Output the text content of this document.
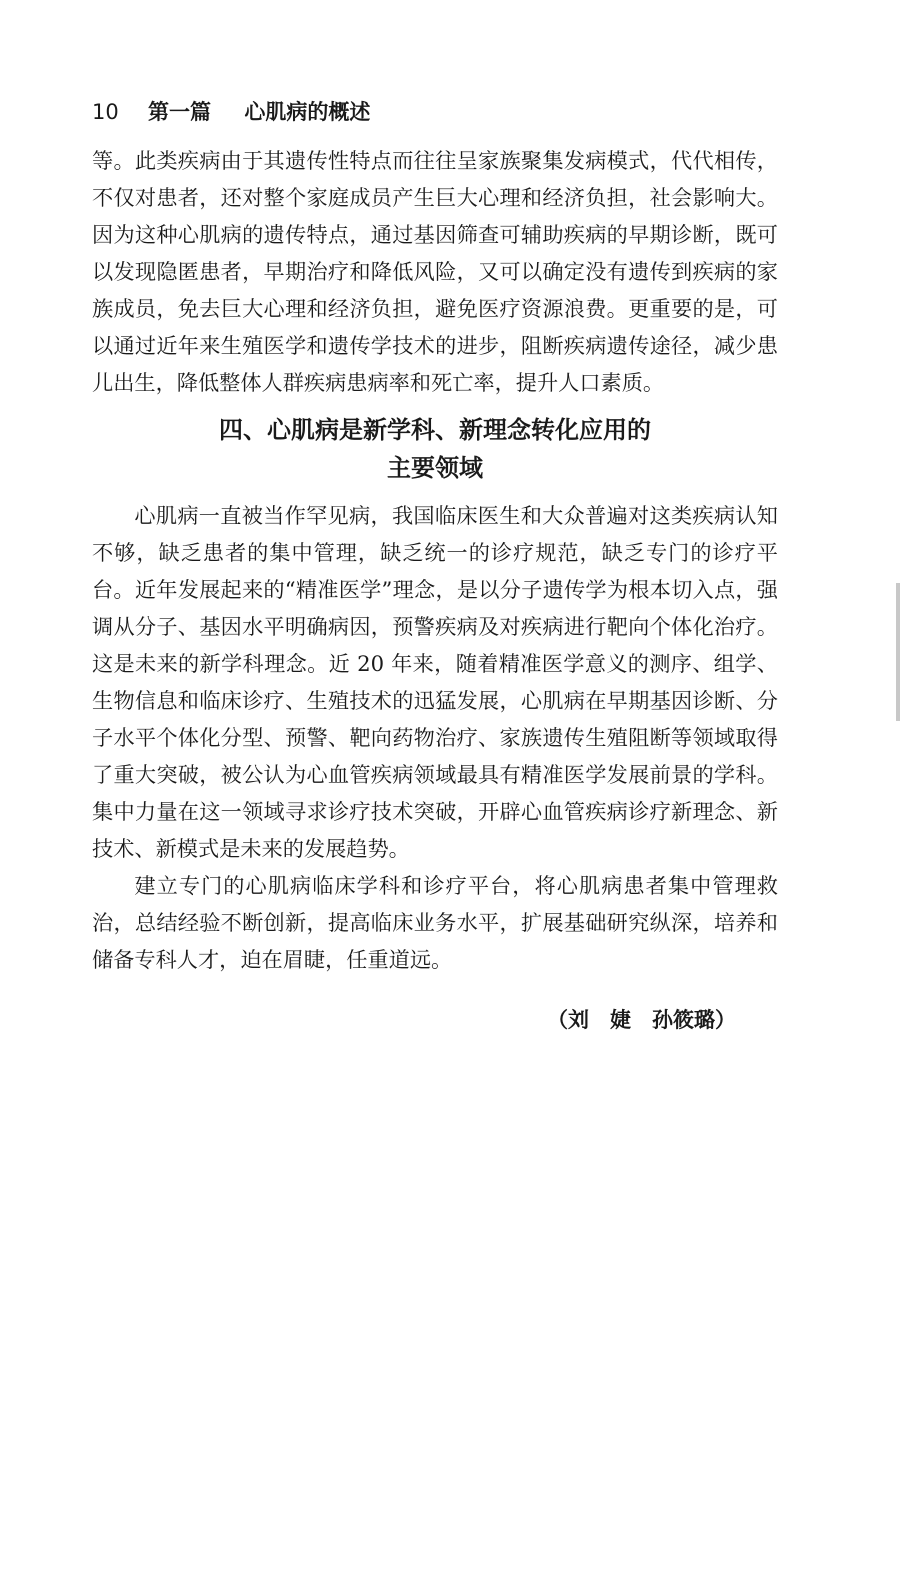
10 第一篇 心肌病的概述

等。此类疾病由于其遗传性特点而往往呈家族聚集发病模式，代代相传，不仅对患者，还对整个家庭成员产生巨大心理和经济负担，社会影响大。因为这种心肌病的遗传特点，通过基因筛查可辅助疾病的早期诊断，既可以发现隐匿患者，早期治疗和降低风险，又可以确定没有遗传到疾病的家族成员，免去巨大心理和经济负担，避免医疗资源浪费。更重要的是，可以通过近年来生殖医学和遗传学技术的进步，阻断疾病遗传途径，减少患儿出生，降低整体人群疾病患病率和死亡率，提升人口素质。

四、心肌病是新学科、新理念转化应用的
主要领域

心肌病一直被当作罕见病，我国临床医生和大众普遍对这类疾病认知不够，缺乏患者的集中管理，缺乏统一的诊疗规范，缺乏专门的诊疗平台。近年发展起来的“精准医学”理念，是以分子遗传学为根本切入点，强调从分子、基因水平明确病因，预警疾病及对疾病进行靶向个体化治疗。这是未来的新学科理念。近 20 年来，随着精准医学意义的测序、组学、生物信息和临床诊疗、生殖技术的迅猛发展，心肌病在早期基因诊断、分子水平个体化分型、预警、靶向药物治疗、家族遗传生殖阻断等领域取得了重大突破，被公认为心血管疾病领域最具有精准医学发展前景的学科。集中力量在这一领域寻求诊疗技术突破，开辟心血管疾病诊疗新理念、新技术、新模式是未来的发展趋势。

建立专门的心肌病临床学科和诊疗平台，将心肌病患者集中管理救治，总结经验不断创新，提高临床业务水平，扩展基础研究纵深，培养和储备专科人才，迫在眉睫，任重道远。

（刘　婕　孙筱璐）
